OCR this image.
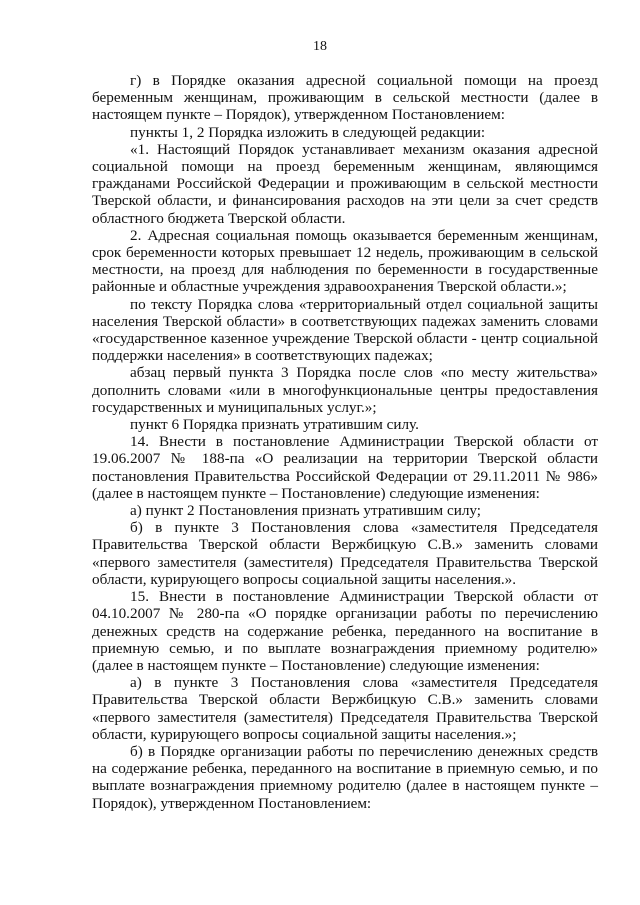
18

г) в Порядке оказания адресной социальной помощи на проезд беременным женщинам, проживающим в сельской местности (далее в настоящем пункте – Порядок), утвержденном Постановлением:

пункты 1, 2 Порядка изложить в следующей редакции:

«1. Настоящий Порядок устанавливает механизм оказания адресной социальной помощи на проезд беременным женщинам, являющимся гражданами Российской Федерации и проживающим в сельской местности Тверской области, и финансирования расходов на эти цели за счет средств областного бюджета Тверской области.

2. Адресная социальная помощь оказывается беременным женщинам, срок беременности которых превышает 12 недель, проживающим в сельской местности, на проезд для наблюдения по беременности в государственные районные и областные учреждения здравоохранения Тверской области.»;

по тексту Порядка слова «территориальный отдел социальной защиты населения Тверской области» в соответствующих падежах заменить словами «государственное казенное учреждение Тверской области - центр социальной поддержки населения» в соответствующих падежах;

абзац первый пункта 3 Порядка после слов «по месту жительства» дополнить словами «или в многофункциональные центры предоставления государственных и муниципальных услуг.»;

пункт 6 Порядка признать утратившим силу.

14. Внести в постановление Администрации Тверской области от 19.06.2007 № 188-па «О реализации на территории Тверской области постановления Правительства Российской Федерации от 29.11.2011 № 986» (далее в настоящем пункте – Постановление) следующие изменения:

а) пункт 2 Постановления признать утратившим силу;

б) в пункте 3 Постановления слова «заместителя Председателя Правительства Тверской области Вержбицкую С.В.» заменить словами «первого заместителя (заместителя) Председателя Правительства Тверской области, курирующего вопросы социальной защиты населения.».

15. Внести в постановление Администрации Тверской области от 04.10.2007 № 280-па «О порядке организации работы по перечислению денежных средств на содержание ребенка, переданного на воспитание в приемную семью, и по выплате вознаграждения приемному родителю» (далее в настоящем пункте – Постановление) следующие изменения:

а) в пункте 3 Постановления слова «заместителя Председателя Правительства Тверской области Вержбицкую С.В.» заменить словами «первого заместителя (заместителя) Председателя Правительства Тверской области, курирующего вопросы социальной защиты населения.»;

б) в Порядке организации работы по перечислению денежных средств на содержание ребенка, переданного на воспитание в приемную семью, и по выплате вознаграждения приемному родителю (далее в настоящем пункте – Порядок), утвержденном Постановлением:
